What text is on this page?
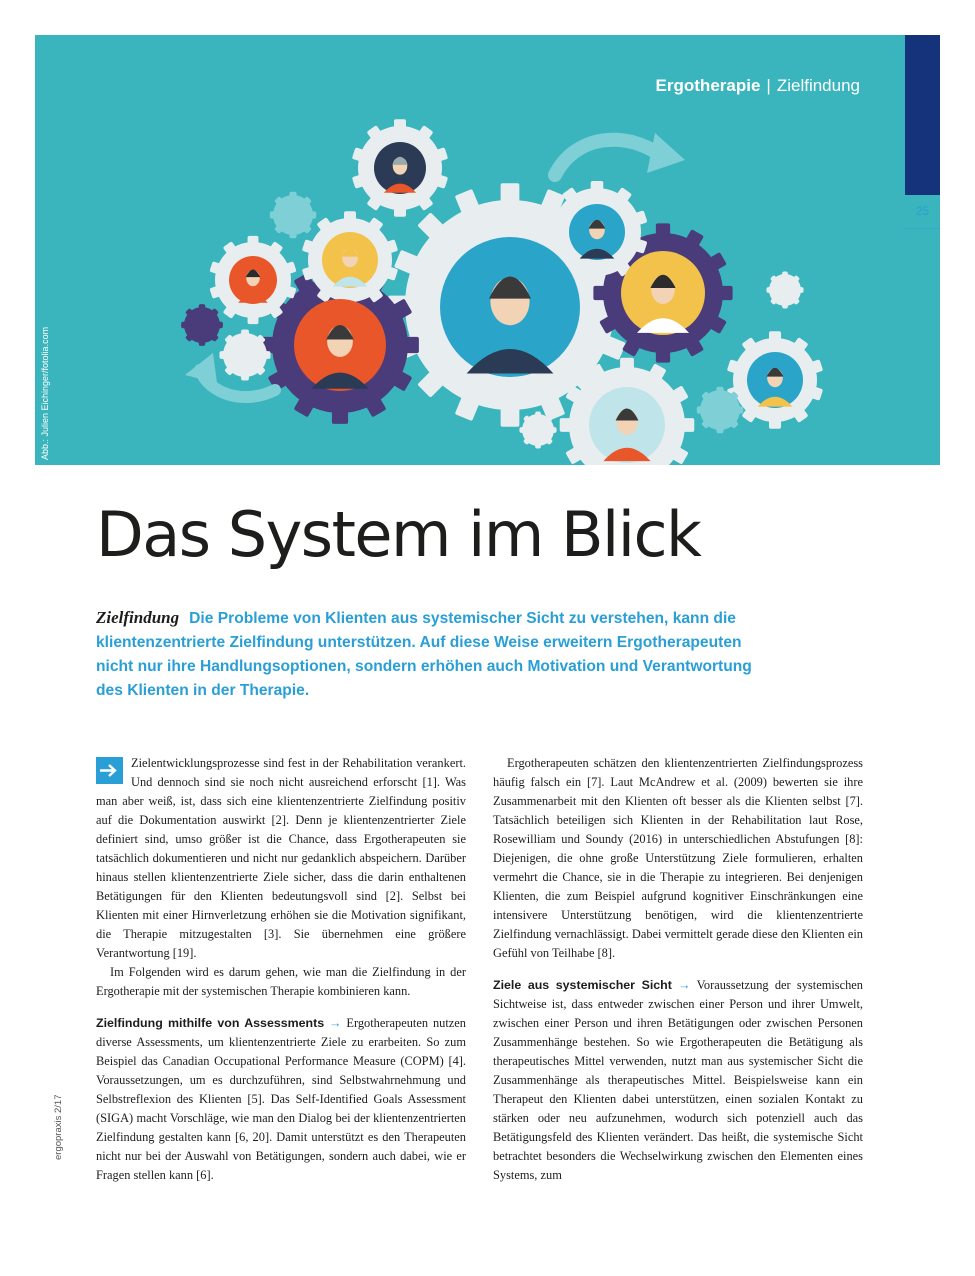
Abb.: Julien Eichinger/fotolia.com
Ergotherapie | Zielfindung
25
Das System im Blick
Zielfindung Die Probleme von Klienten aus systemischer Sicht zu verstehen, kann die klientenzentrierte Zielfindung unterstützen. Auf diese Weise erweitern Ergotherapeuten nicht nur ihre Handlungsoptionen, sondern erhöhen auch Motivation und Verantwortung des Klienten in der Therapie.

Zielentwicklungsprozesse sind fest in der Rehabilitation verankert. Und dennoch sind sie noch nicht ausreichend erforscht [1]. Was man aber weiß, ist, dass sich eine klientenzentrierte Zielfindung positiv auf die Dokumentation auswirkt [2]. Denn je klientenzentrierter Ziele definiert sind, umso größer ist die Chance, dass Ergotherapeuten sie tatsächlich dokumentieren und nicht nur gedanklich abspeichern. Darüber hinaus stellen klientenzentrierte Ziele sicher, dass die darin enthaltenen Betätigungen für den Klienten bedeutungsvoll sind [2]. Selbst bei Klienten mit einer Hirnverletzung erhöhen sie die Motivation signifikant, die Therapie mitzugestalten [3]. Sie übernehmen eine größere Verantwortung [19].

Im Folgenden wird es darum gehen, wie man die Zielfindung in der Ergotherapie mit der systemischen Therapie kombinieren kann.

Zielfindung mithilfe von Assessments → Ergotherapeuten nutzen diverse Assessments, um klientenzentrierte Ziele zu erarbeiten. So zum Beispiel das Canadian Occupational Performance Measure (COPM) [4]. Voraussetzungen, um es durchzuführen, sind Selbstwahrnehmung und Selbstreflexion des Klienten [5]. Das Self-Identified Goals Assessment (SIGA) macht Vorschläge, wie man den Dialog bei der klientenzentrierten Zielfindung gestalten kann [6, 20]. Damit unterstützt es den Therapeuten nicht nur bei der Auswahl von Betätigungen, sondern auch dabei, wie er Fragen stellen kann [6].

Ergotherapeuten schätzen den klientenzentrierten Zielfindungsprozess häufig falsch ein [7]. Laut McAndrew et al. (2009) bewerten sie ihre Zusammenarbeit mit den Klienten oft besser als die Klienten selbst [7]. Tatsächlich beteiligen sich Klienten in der Rehabilitation laut Rose, Rosewilliam und Soundy (2016) in unterschiedlichen Abstufungen [8]: Diejenigen, die ohne große Unterstützung Ziele formulieren, erhalten vermehrt die Chance, sie in die Therapie zu integrieren. Bei denjenigen Klienten, die zum Beispiel aufgrund kognitiver Einschränkungen eine intensivere Unterstützung benötigen, wird die klientenzentrierte Zielfindung vernachlässigt. Dabei vermittelt gerade diese den Klienten ein Gefühl von Teilhabe [8].

Ziele aus systemischer Sicht → Voraussetzung der systemischen Sichtweise ist, dass entweder zwischen einer Person und ihrer Umwelt, zwischen einer Person und ihren Betätigungen oder zwischen Personen Zusammenhänge bestehen. So wie Ergotherapeuten die Betätigung als therapeutisches Mittel verwenden, nutzt man aus systemischer Sicht die Zusammenhänge als therapeutisches Mittel. Beispielsweise kann ein Therapeut den Klienten dabei unterstützen, einen sozialen Kontakt zu stärken oder neu aufzunehmen, wodurch sich potenziell auch das Betätigungsfeld des Klienten verändert. Das heißt, die systemische Sicht betrachtet besonders die Wechselwirkung zwischen den Elementen eines Systems, zum

ergopraxis 2/17
